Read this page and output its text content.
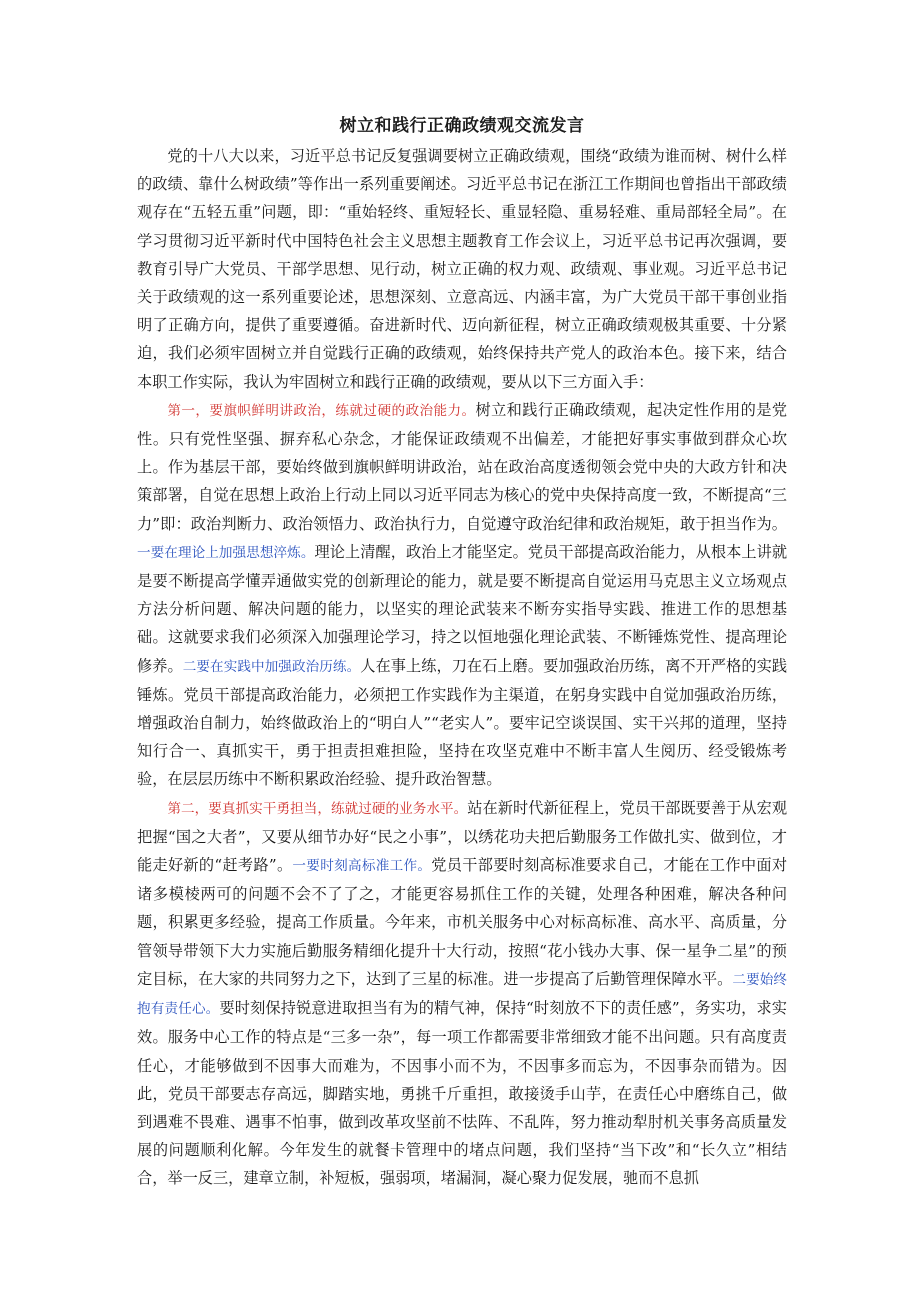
树立和践行正确政绩观交流发言

党的十八大以来，习近平总书记反复强调要树立正确政绩观，围绕“政绩为谁而树、树什么样的政绩、靠什么树政绩”等作出一系列重要阐述。习近平总书记在浙江工作期间也曾指出干部政绩观存在“五轻五重”问题，即：“重始轻终、重短轻长、重显轻隐、重易轻难、重局部轻全局”。在学习贯彻习近平新时代中国特色社会主义思想主题教育工作会议上，习近平总书记再次强调，要教育引导广大党员、干部学思想、见行动，树立正确的权力观、政绩观、事业观。习近平总书记关于政绩观的这一系列重要论述，思想深刻、立意高远、内涵丰富，为广大党员干部干事创业指明了正确方向，提供了重要遵循。奋进新时代、迈向新征程，树立正确政绩观极其重要、十分紧迫，我们必须牢固树立并自觉践行正确的政绩观，始终保持共产党人的政治本色。接下来，结合本职工作实际，我认为牢固树立和践行正确的政绩观，要从以下三方面入手：

第一，要旗帜鲜明讲政治，练就过硬的政治能力。树立和践行正确政绩观，起决定性作用的是党性。只有党性坚强、摒弃私心杂念，才能保证政绩观不出偏差，才能把好事实事做到群众心坎上。作为基层干部，要始终做到旗帜鲜明讲政治，站在政治高度透彻领会党中央的大政方针和决策部署，自觉在思想上政治上行动上同以习近平同志为核心的党中央保持高度一致，不断提高“三力”即：政治判断力、政治领悟力、政治执行力，自觉遵守政治纪律和政治规矩，敢于担当作为。一要在理论上加强思想淬炼。理论上清醒，政治上才能坚定。党员干部提高政治能力，从根本上讲就是要不断提高学懂弄通做实党的创新理论的能力，就是要不断提高自觉运用马克思主义立场观点方法分析问题、解决问题的能力，以坚实的理论武装来不断夯实指导实践、推进工作的思想基础。这就要求我们必须深入加强理论学习，持之以恒地强化理论武装、不断锤炼党性、提高理论修养。二要在实践中加强政治历练。人在事上练，刀在石上磨。要加强政治历练，离不开严格的实践锤炼。党员干部提高政治能力，必须把工作实践作为主渠道，在躬身实践中自觉加强政治历练，增强政治自制力，始终做政治上的“明白人”“老实人”。要牢记空谈误国、实干兴邦的道理，坚持知行合一、真抓实干，勇于担责担难担险，坚持在攻坚克难中不断丰富人生阅历、经受锻炼考验，在层层历练中不断积累政治经验、提升政治智慧。

第二，要真抓实干勇担当，练就过硬的业务水平。站在新时代新征程上，党员干部既要善于从宏观把握“国之大者”，又要从细节办好“民之小事”，以绣花功夫把后勤服务工作做扎实、做到位，才能走好新的“赶考路”。一要时刻高标准工作。党员干部要时刻高标准要求自己，才能在工作中面对诸多模棱两可的问题不会不了了之，才能更容易抓住工作的关键，处理各种困难，解决各种问题，积累更多经验，提高工作质量。今年来，市机关服务中心对标高标准、高水平、高质量，分管领导带领下大力实施后勤服务精细化提升十大行动，按照“花小钱办大事、保一星争二星”的预定目标，在大家的共同努力之下，达到了三星的标准。进一步提高了后勤管理保障水平。二要始终抱有责任心。要时刻保持锐意进取担当有为的精气神，保持“时刻放不下的责任感”，务实功，求实效。服务中心工作的特点是“三多一杂”，每一项工作都需要非常细致才能不出问题。只有高度责任心，才能够做到不因事大而难为，不因事小而不为，不因事多而忘为，不因事杂而错为。因此，党员干部要志存高远，脚踏实地，勇挑千斤重担，敢接烫手山芋，在责任心中磨练自己，做到遇难不畏难、遇事不怕事，做到改革攻坚前不怯阵、不乱阵，努力推动犁肘机关事务高质量发展的问题顺利化解。今年发生的就餐卡管理中的堵点问题，我们坚持“当下改”和“长久立”相结合，举一反三，建章立制，补短板，强弱项，堵漏洞，凝心聚力促发展，驰而不息抓
